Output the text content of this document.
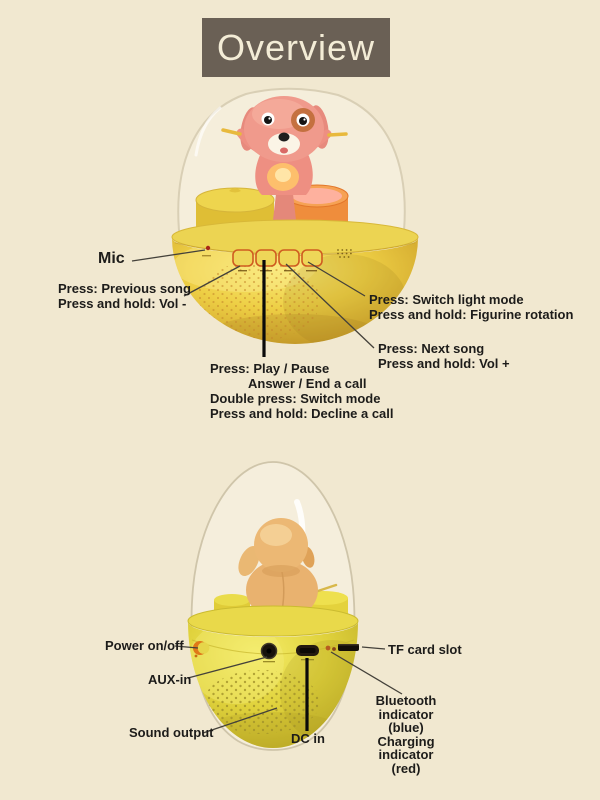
Overview
Mic
Press: Previous song
Press and hold: Vol -	Press: Switch light mode
Press and hold: Figurine rotation
Press: Next song
Press and hold: Vol +
Press: Play / Pause
Answer / End a call
Double press: Switch mode
Press and hold: Decline a call
Power on/off
AUX-in
Sound output
TF card slot
DC in
Bluetooth indicator
(blue)
Charging indicator
(red)
